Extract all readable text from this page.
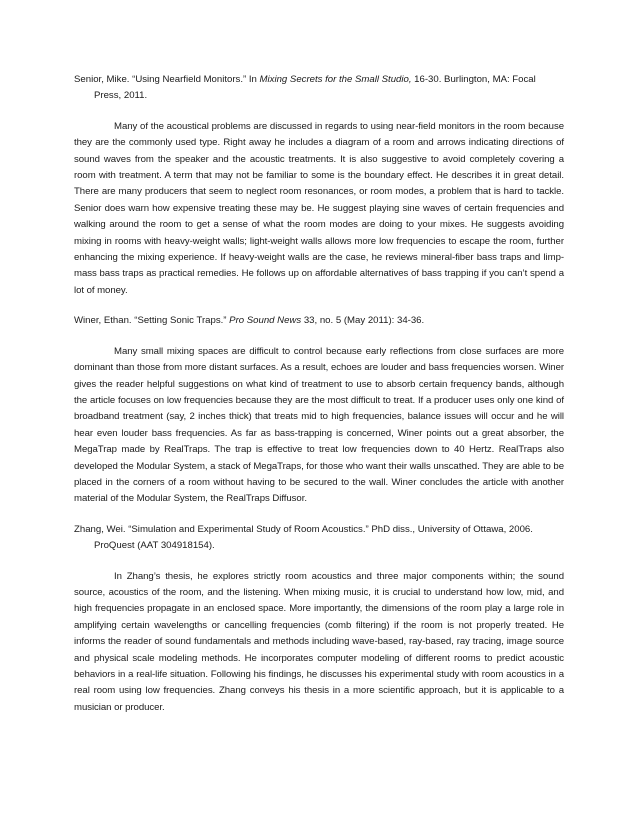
Senior, Mike. “Using Nearfield Monitors.” In Mixing Secrets for the Small Studio, 16-30. Burlington, MA: Focal Press, 2011.

Many of the acoustical problems are discussed in regards to using near-field monitors in the room because they are the commonly used type. Right away he includes a diagram of a room and arrows indicating directions of sound waves from the speaker and the acoustic treatments. It is also suggestive to avoid completely covering a room with treatment. A term that may not be familiar to some is the boundary effect. He describes it in great detail. There are many producers that seem to neglect room resonances, or room modes, a problem that is hard to tackle. Senior does warn how expensive treating these may be. He suggest playing sine waves of certain frequencies and walking around the room to get a sense of what the room modes are doing to your mixes. He suggests avoiding mixing in rooms with heavy-weight walls; light-weight walls allows more low frequencies to escape the room, further enhancing the mixing experience. If heavy-weight walls are the case, he reviews mineral-fiber bass traps and limp-mass bass traps as practical remedies. He follows up on affordable alternatives of bass trapping if you can’t spend a lot of money.

Winer, Ethan. “Setting Sonic Traps.” Pro Sound News 33, no. 5 (May 2011): 34-36.

Many small mixing spaces are difficult to control because early reflections from close surfaces are more dominant than those from more distant surfaces. As a result, echoes are louder and bass frequencies worsen. Winer gives the reader helpful suggestions on what kind of treatment to use to absorb certain frequency bands, although the article focuses on low frequencies because they are the most difficult to treat. If a producer uses only one kind of broadband treatment (say, 2 inches thick) that treats mid to high frequencies, balance issues will occur and he will hear even louder bass frequencies. As far as bass-trapping is concerned, Winer points out a great absorber, the MegaTrap made by RealTraps. The trap is effective to treat low frequencies down to 40 Hertz. RealTraps also developed the Modular System, a stack of MegaTraps, for those who want their walls unscathed. They are able to be placed in the corners of a room without having to be secured to the wall. Winer concludes the article with another material of the Modular System, the RealTraps Diffusor.

Zhang, Wei. “Simulation and Experimental Study of Room Acoustics.” PhD diss., University of Ottawa, 2006. ProQuest (AAT 304918154).

In Zhang’s thesis, he explores strictly room acoustics and three major components within; the sound source, acoustics of the room, and the listening. When mixing music, it is crucial to understand how low, mid, and high frequencies propagate in an enclosed space. More importantly, the dimensions of the room play a large role in amplifying certain wavelengths or cancelling frequencies (comb filtering) if the room is not properly treated. He informs the reader of sound fundamentals and methods including wave-based, ray-based, ray tracing, image source and physical scale modeling methods. He incorporates computer modeling of different rooms to predict acoustic behaviors in a real-life situation. Following his findings, he discusses his experimental study with room acoustics in a real room using low frequencies. Zhang conveys his thesis in a more scientific approach, but it is applicable to a musician or producer.
